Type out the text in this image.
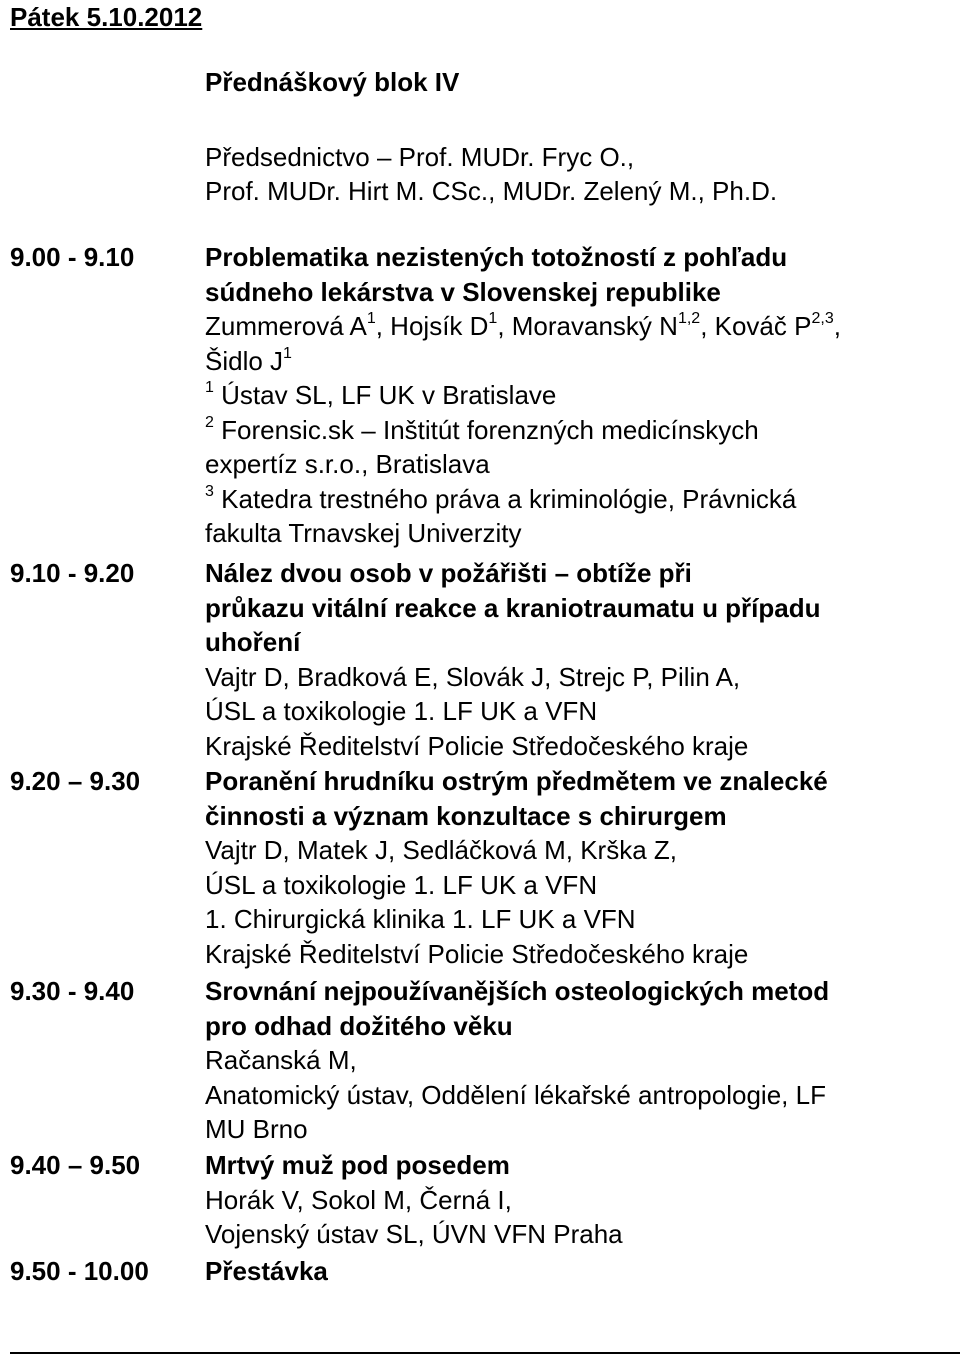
Pátek 5.10.2012
Přednáškový blok IV
Předsednictvo – Prof. MUDr. Fryc O.,
Prof. MUDr. Hirt M. CSc., MUDr. Zelený M., Ph.D.
9.00 - 9.10	Problematika nezistených totožností z pohľadu
súdneho lekárstva v Slovenskej republike
Zummerová $A^1$, Hojsík $D^1$, Moravanský N$^{1,2}$, Kováč P$^{2,3}$,
Šidlo $J^1$
$^1$ Ústav SL, LF UK v Bratislave
$^2$ Forensic.sk – Inštitút forenzných medicínskych
expertíz s.r.o., Bratislava
$^3$ Katedra trestného práva a kriminológie, Právnická
fakulta Trnavskej Univerzity
9.10 - 9.20	Nález dvou osob v požářišti – obtíže při
průkazu vitální reakce a kraniotraumatu u případu
uhoření
Vajtr D, Bradková E, Slovák J, Strejc P, Pilin A,
ÚSL a toxikologie 1. LF UK a VFN
Krajské Ředitelství Policie Středočeského kraje
9.20 – 9.30 Poranění hrudníku ostrým předmětem ve znalecké
činnosti a význam konzultace s chirurgem
Vajtr D, Matek J, Sedláčková M, Krška Z,
ÚSL a toxikologie 1. LF UK a VFN
1. Chirurgická klinika 1. LF UK a VFN
Krajské Ředitelství Policie Středočeského kraje
9.30 - 9.40	Srovnání nejpoužívanějších osteologických metod
pro odhad dožitého věku
Račanská M,
Anatomický ústav, Oddělení lékařské antropologie, LF
MU Brno
9.40 – 9.50 Mrtvý muž pod posedem
Horák V, Sokol M, Černá I,
Vojenský ústav SL, ÚVN VFN Praha
9.50 - 10.00 Přestávka
